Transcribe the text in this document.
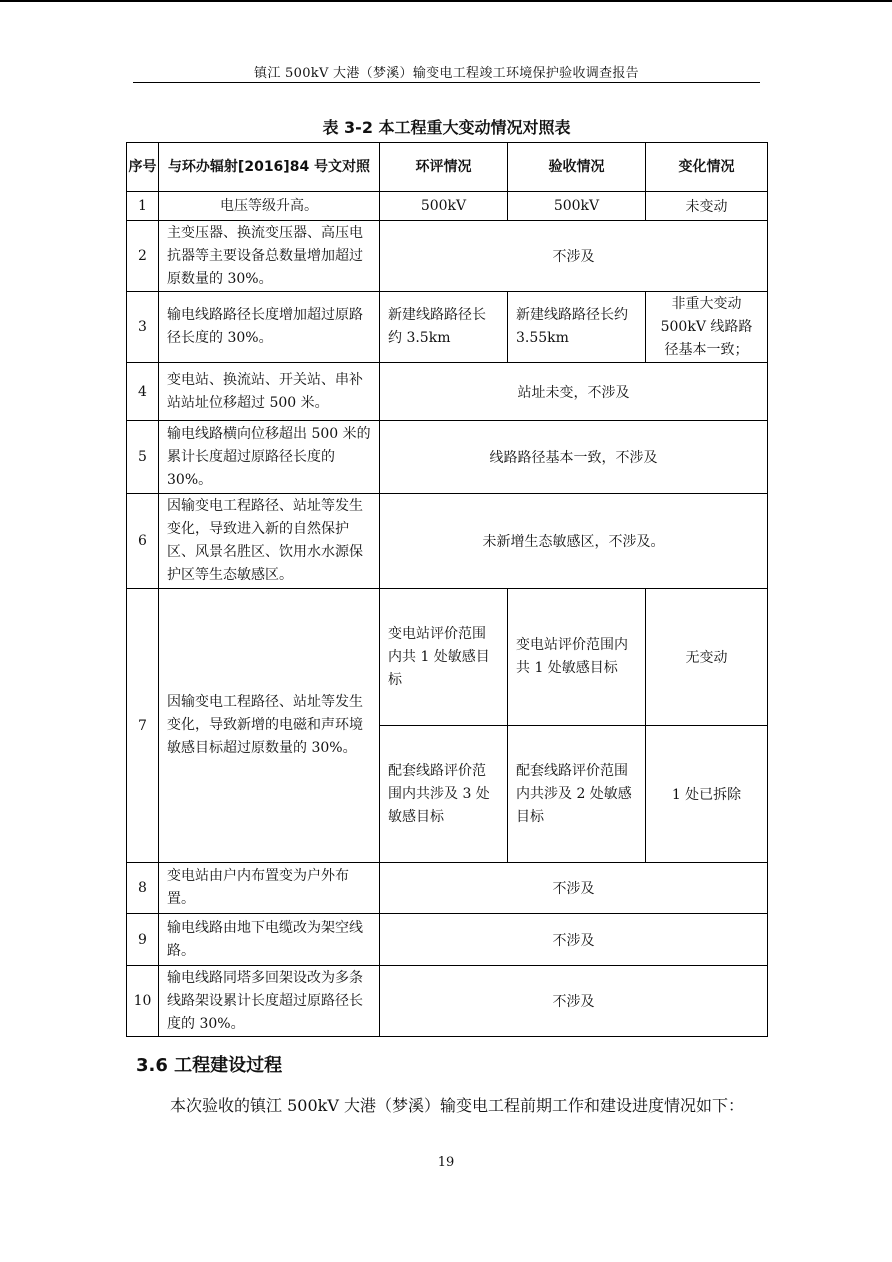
镇江 500kV 大港（梦溪）输变电工程竣工环境保护验收调查报告
表 3-2 本工程重大变动情况对照表
序号	与环办辐射[2016]84 号文对照	环评情况	验收情况	变化情况
1	电压等级升高。	500kV	500kV	未变动
2	主变压器、换流变压器、高压电抗器等主要设备总数量增加超过原数量的 30%。	不涉及		
3	输电线路路径长度增加超过原路径长度的 30%。	新建线路路径长约 3.5km	新建线路路径长约 3.55km	非重大变动 500kV 线路路径基本一致；
4	变电站、换流站、开关站、串补站站址位移超过 500 米。	站址未变，不涉及		
5	输电线路横向位移超出 500 米的累计长度超过原路径长度的 30%。	线路路径基本一致，不涉及		
6	因输变电工程路径、站址等发生变化，导致进入新的自然保护区、风景名胜区、饮用水水源保护区等生态敏感区。	未新增生态敏感区，不涉及。		
7	因输变电工程路径、站址等发生变化，导致新增的电磁和声环境敏感目标超过原数量的 30%。	变电站评价范围内共 1 处敏感目标	变电站评价范围内共 1 处敏感目标	无变动
		配套线路评价范围内共涉及 3 处敏感目标	配套线路评价范围内共涉及 2 处敏感目标	1 处已拆除
8	变电站由户内布置变为户外布置。	不涉及		
9	输电线路由地下电缆改为架空线路。	不涉及		
10	输电线路同塔多回架设改为多条线路架设累计长度超过原路径长度的 30%。	不涉及		
3.6 工程建设过程
本次验收的镇江 500kV 大港（梦溪）输变电工程前期工作和建设进度情况如下：
19
